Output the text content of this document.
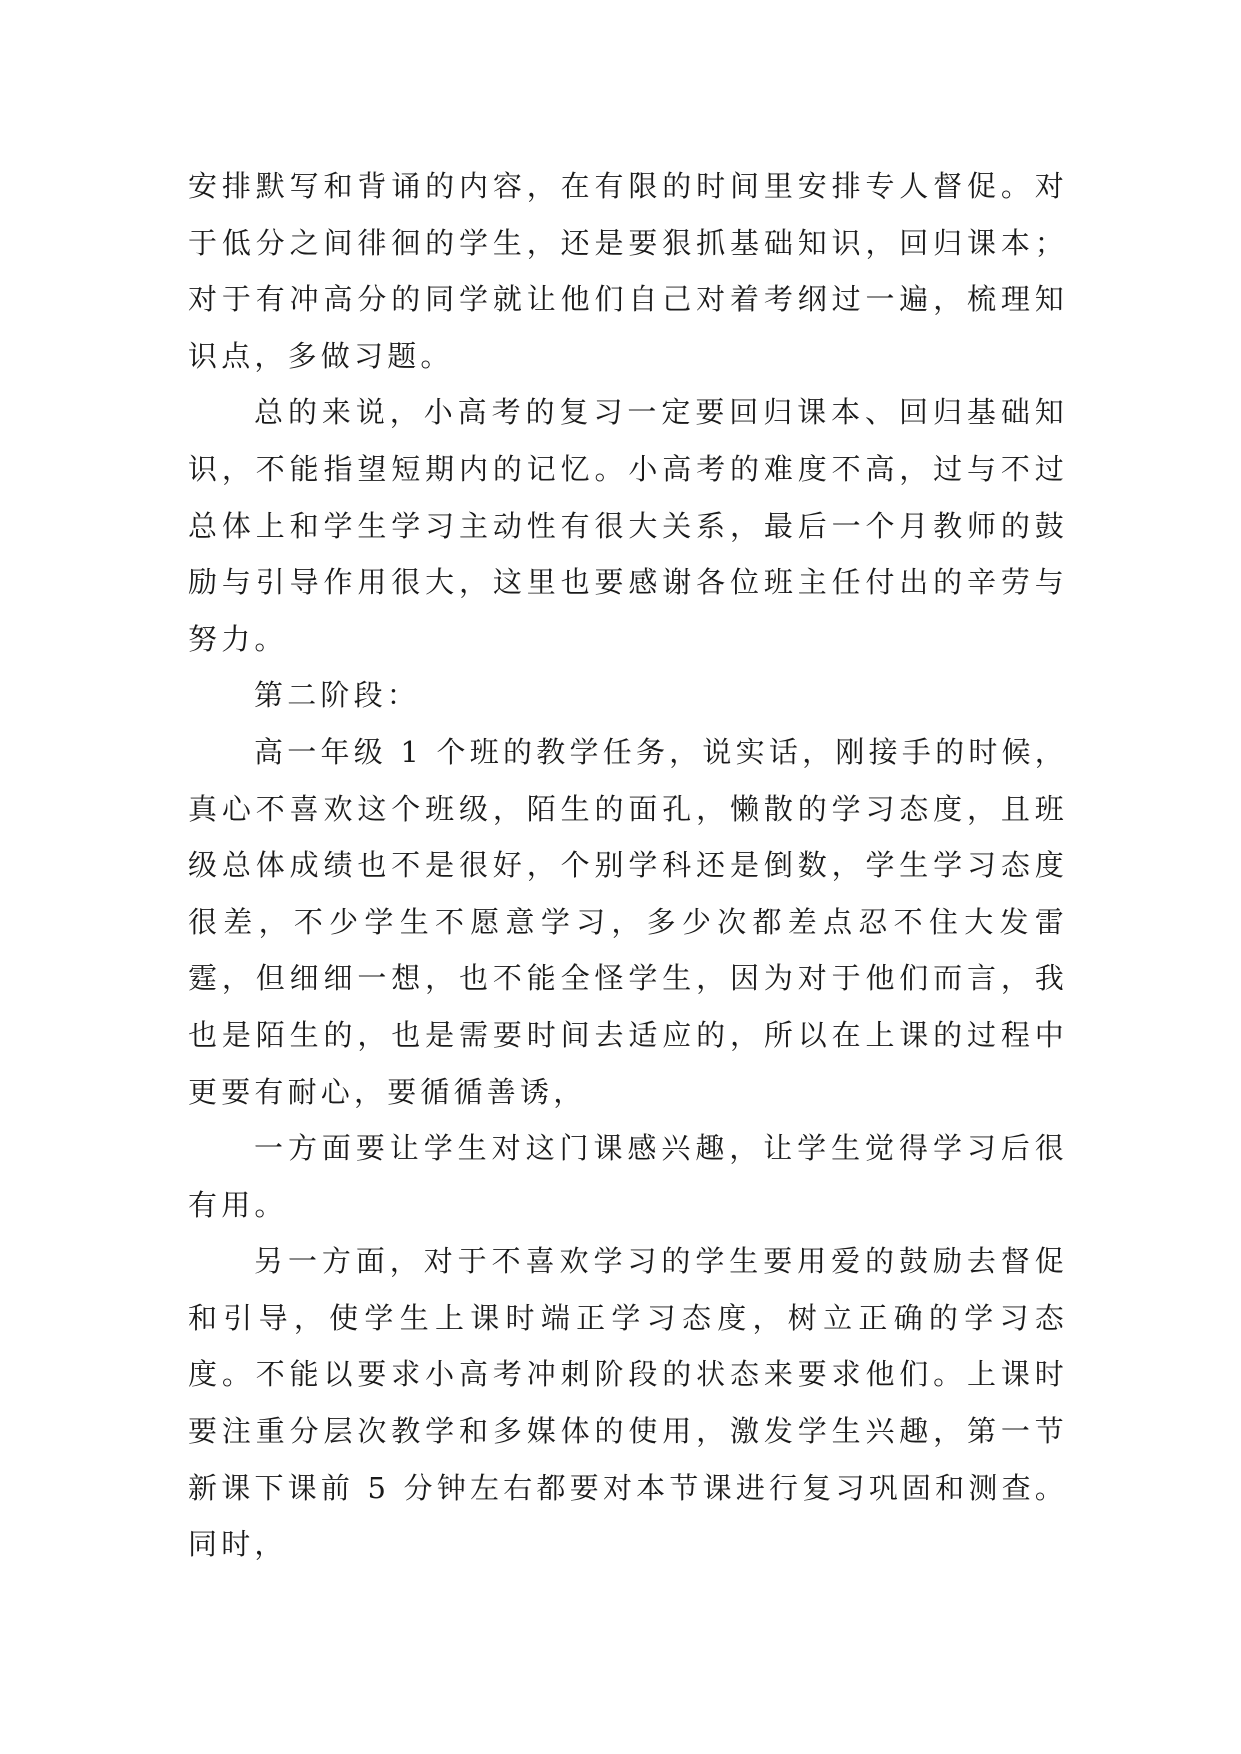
安排默写和背诵的内容，在有限的时间里安排专人督促。对于低分之间徘徊的学生，还是要狠抓基础知识，回归课本；对于有冲高分的同学就让他们自己对着考纲过一遍，梳理知识点，多做习题。

总的来说，小高考的复习一定要回归课本、回归基础知识，不能指望短期内的记忆。小高考的难度不高，过与不过总体上和学生学习主动性有很大关系，最后一个月教师的鼓励与引导作用很大，这里也要感谢各位班主任付出的辛劳与努力。

第二阶段：

高一年级 1 个班的教学任务，说实话，刚接手的时候，真心不喜欢这个班级，陌生的面孔，懒散的学习态度，且班级总体成绩也不是很好，个别学科还是倒数，学生学习态度很差，不少学生不愿意学习，多少次都差点忍不住大发雷霆，但细细一想，也不能全怪学生，因为对于他们而言，我也是陌生的，也是需要时间去适应的，所以在上课的过程中更要有耐心，要循循善诱，

一方面要让学生对这门课感兴趣，让学生觉得学习后很有用。

另一方面，对于不喜欢学习的学生要用爱的鼓励去督促和引导，使学生上课时端正学习态度，树立正确的学习态度。不能以要求小高考冲刺阶段的状态来要求他们。上课时要注重分层次教学和多媒体的使用，激发学生兴趣，第一节新课下课前 5 分钟左右都要对本节课进行复习巩固和测查。同时，
